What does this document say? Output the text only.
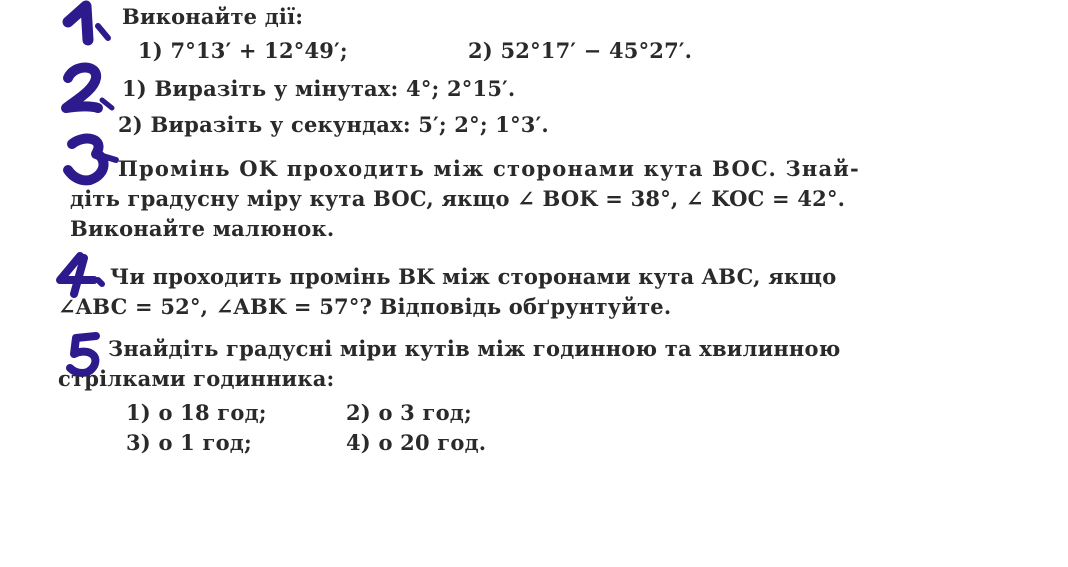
Виконайте дії:
1) 7°13′ + 12°49′;	2) 52°17′ − 45°27′.
1) Виразіть у мінутах: 4°; 2°15′.
2) Виразіть у секундах: 5′; 2°; 1°3′.
Промінь OK проходить між сторонами кута BOC. Знай-
діть градусну міру кута BOC, якщо ∠ BOK = 38°, ∠ KOC = 42°.
Виконайте малюнок.
Чи проходить промінь BK між сторонами кута ABC, якщо
∠ABC = 52°, ∠ABK = 57°? Відповідь обґрунтуйте.
Знайдіть градусні міри кутів між годинною та хвилинною
стрілками годинника:
1) о 18 год;	2) о 3 год;
3) о 1 год;	4) о 20 год.
